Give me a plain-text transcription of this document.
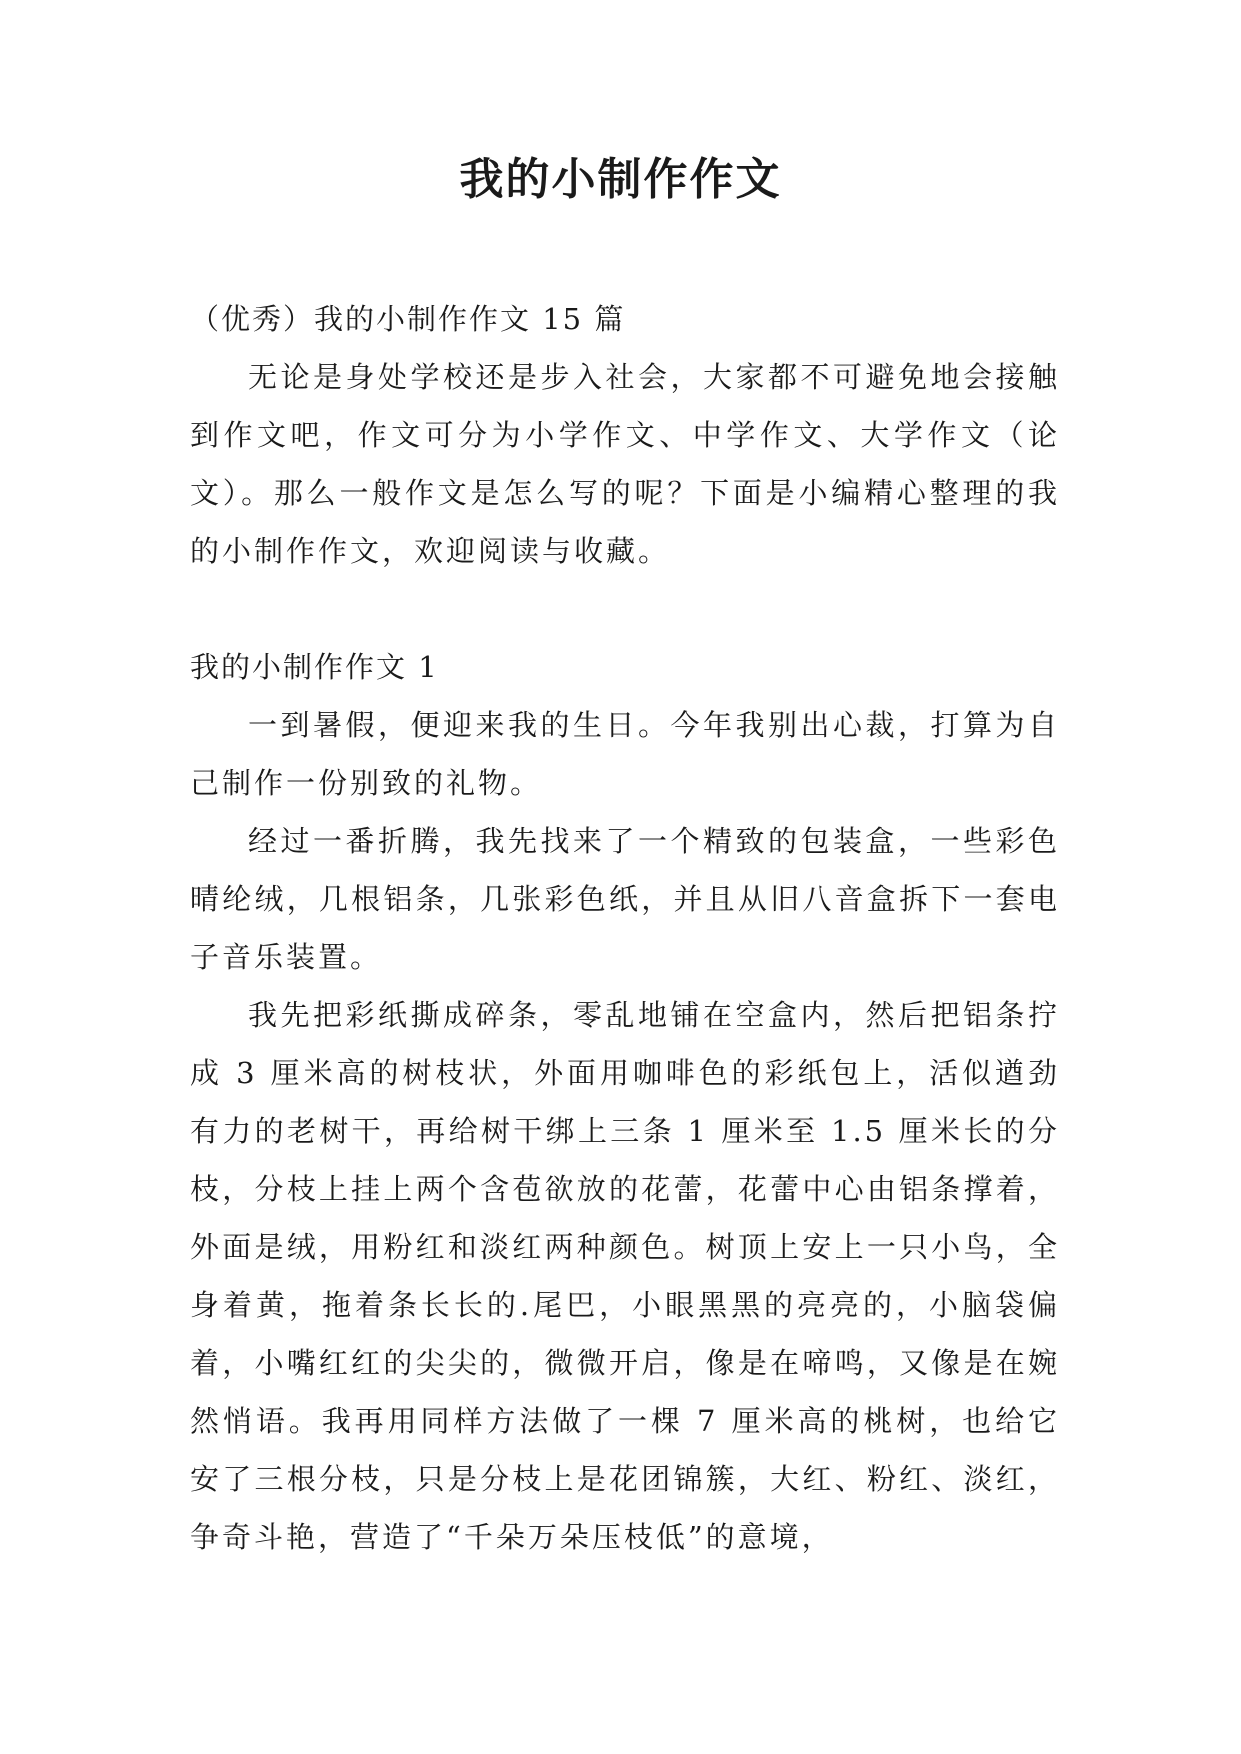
我的小制作作文

（优秀）我的小制作作文 15 篇

无论是身处学校还是步入社会，大家都不可避免地会接触到作文吧，作文可分为小学作文、中学作文、大学作文（论文）。那么一般作文是怎么写的呢？下面是小编精心整理的我的小制作作文，欢迎阅读与收藏。

我的小制作作文 1

一到暑假，便迎来我的生日。今年我别出心裁，打算为自己制作一份别致的礼物。

经过一番折腾，我先找来了一个精致的包装盒，一些彩色晴纶绒，几根铝条，几张彩色纸，并且从旧八音盒拆下一套电子音乐装置。

我先把彩纸撕成碎条，零乱地铺在空盒内，然后把铝条拧成 3 厘米高的树枝状，外面用咖啡色的彩纸包上，活似遒劲有力的老树干，再给树干绑上三条 1 厘米至 1.5 厘米长的分枝，分枝上挂上两个含苞欲放的花蕾，花蕾中心由铝条撑着，外面是绒，用粉红和淡红两种颜色。树顶上安上一只小鸟，全身着黄，拖着条长长的.尾巴，小眼黑黑的亮亮的，小脑袋偏着，小嘴红红的尖尖的，微微开启，像是在啼鸣，又像是在婉然悄语。我再用同样方法做了一棵 7 厘米高的桃树，也给它安了三根分枝，只是分枝上是花团锦簇，大红、粉红、淡红，争奇斗艳，营造了“千朵万朵压枝低”的意境，
